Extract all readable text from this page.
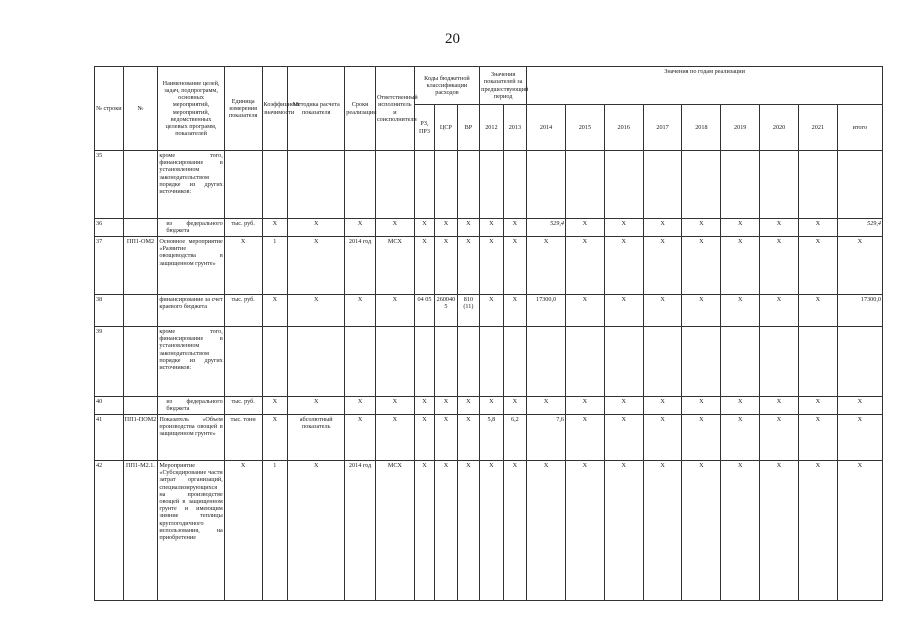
20
№ строки	№	Наименование целей, задач, подпрограмм, основных мероприятий, мероприятий, ведомственных целевых программ, показателей	Единица измерения показателя	Коэффициент значимости	Методика расчета показателя	Сроки реализации	Ответственный исполнитель и соисполнители	Коды бюджетной классификации расходов			Значения показателей за предшествующий период		Значения по годам реализации								
								РЗ, ПР3	ЦСР	ВР	2012	2013	2014	2015	2016	2017	2018	2019	2020	2021	итого
35		кроме того, финансирование в установленном законодательством порядке из других источников:																			
36		из федерального бюджета	тыс. руб.	Х	Х	Х	Х	Х	Х	Х	Х	Х	529,4	Х	Х	Х	Х	Х	Х	Х	529,4
37	ПП1-ОМ2	Основное мероприятие «Развитие овощеводства в защищенном грунте»	Х	1	Х	2014 год	МСХ	Х	Х	Х	Х	Х	Х	Х	Х	Х	Х	Х	Х	Х	Х
38		финансирование за счет краевого бюджета	тыс. руб.	Х	Х	Х	Х	04 05	260040 5	810 (11)	Х	Х	17300,0	Х	Х	Х	Х	Х	Х	Х	17300,0
39		кроме того, финансирование в установленном законодательством порядке из других источников:																			
40		из федерального бюджета	тыс. руб.	Х	Х	Х	Х	Х	Х	Х	Х	Х	Х	Х	Х	Х	Х	Х	Х	Х	Х
41	ПП1-ПОМ2	Показатель «Объем производства овощей в защищенном грунте»	тыс. тонн	Х	абсолютный показатель	Х	Х	Х	Х	Х	5,8	6,2	7,6	Х	Х	Х	Х	Х	Х	Х	Х
42	ПП1-М2.1.	Мероприятие «Субсидирование части затрат организаций, специализирующихся на производстве овощей в защищенном грунте и имеющим зимние теплицы круглогодичного использования, на приобретение	Х	1	Х	2014 год	МСХ	Х	Х	Х	Х	Х	Х	Х	Х	Х	Х	Х	Х	Х	Х
